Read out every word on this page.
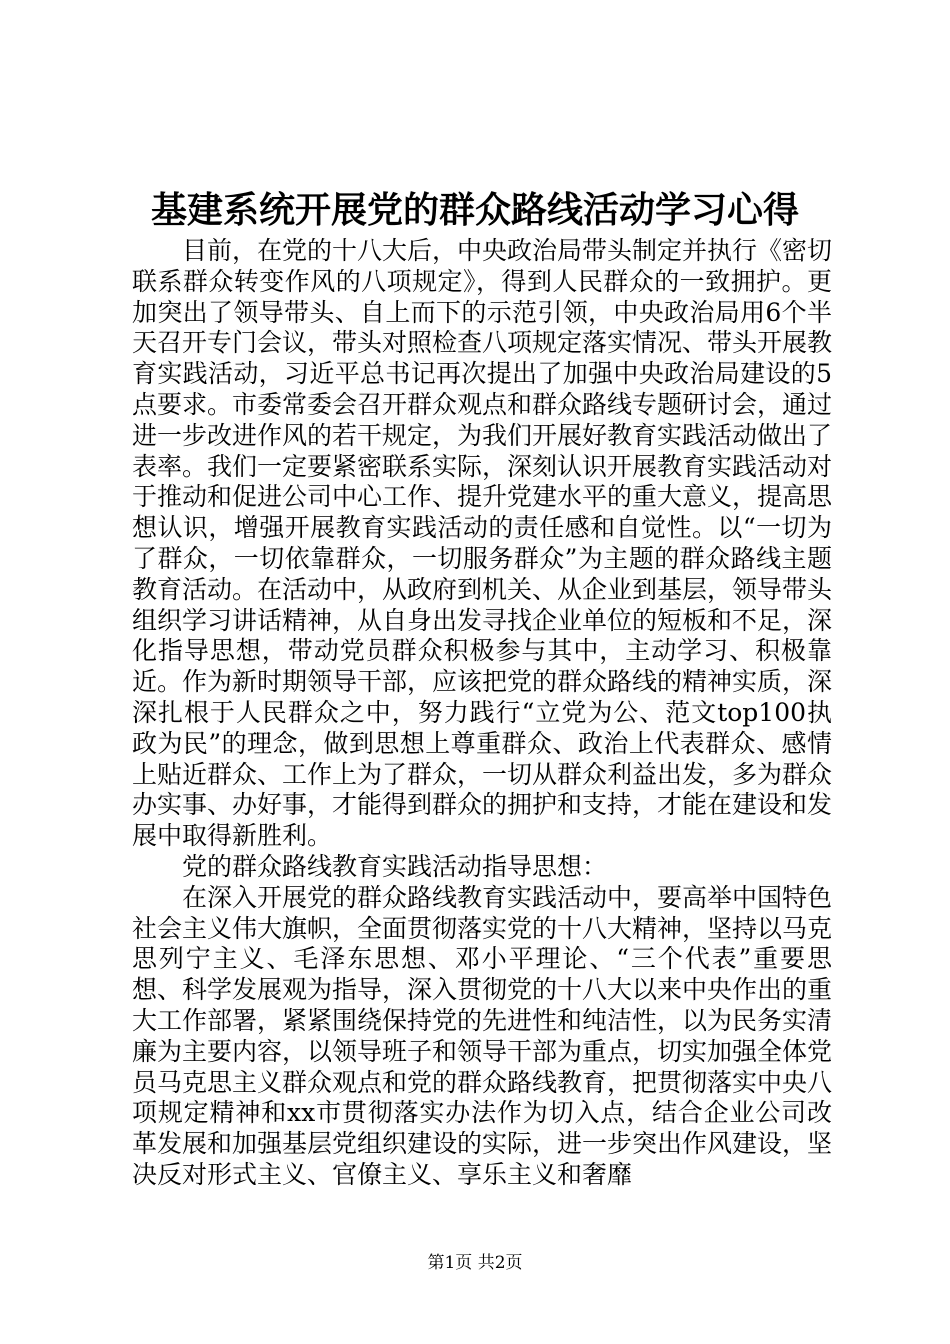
基建系统开展党的群众路线活动学习心得

目前，在党的十八大后，中央政治局带头制定并执行《密切联系群众转变作风的八项规定》，得到人民群众的一致拥护。更加突出了领导带头、自上而下的示范引领，中央政治局用6个半天召开专门会议，带头对照检查八项规定落实情况、带头开展教育实践活动，习近平总书记再次提出了加强中央政治局建设的5点要求。市委常委会召开群众观点和群众路线专题研讨会，通过进一步改进作风的若干规定，为我们开展好教育实践活动做出了表率。我们一定要紧密联系实际，深刻认识开展教育实践活动对于推动和促进公司中心工作、提升党建水平的重大意义，提高思想认识，增强开展教育实践活动的责任感和自觉性。以“一切为了群众，一切依靠群众，一切服务群众”为主题的群众路线主题教育活动。在活动中，从政府到机关、从企业到基层，领导带头组织学习讲话精神，从自身出发寻找企业单位的短板和不足，深化指导思想，带动党员群众积极参与其中，主动学习、积极靠近。作为新时期领导干部，应该把党的群众路线的精神实质，深深扎根于人民群众之中，努力践行“立党为公、范文top100执政为民”的理念，做到思想上尊重群众、政治上代表群众、感情上贴近群众、工作上为了群众，一切从群众利益出发，多为群众办实事、办好事，才能得到群众的拥护和支持，才能在建设和发展中取得新胜利。

党的群众路线教育实践活动指导思想：

在深入开展党的群众路线教育实践活动中，要高举中国特色社会主义伟大旗帜，全面贯彻落实党的十八大精神，坚持以马克思列宁主义、毛泽东思想、邓小平理论、“三个代表”重要思想、科学发展观为指导，深入贯彻党的十八大以来中央作出的重大工作部署，紧紧围绕保持党的先进性和纯洁性，以为民务实清廉为主要内容，以领导班子和领导干部为重点，切实加强全体党员马克思主义群众观点和党的群众路线教育，把贯彻落实中央八项规定精神和xx市贯彻落实办法作为切入点，结合企业公司改革发展和加强基层党组织建设的实际，进一步突出作风建设，坚决反对形式主义、官僚主义、享乐主义和奢靡

第1页 共2页
